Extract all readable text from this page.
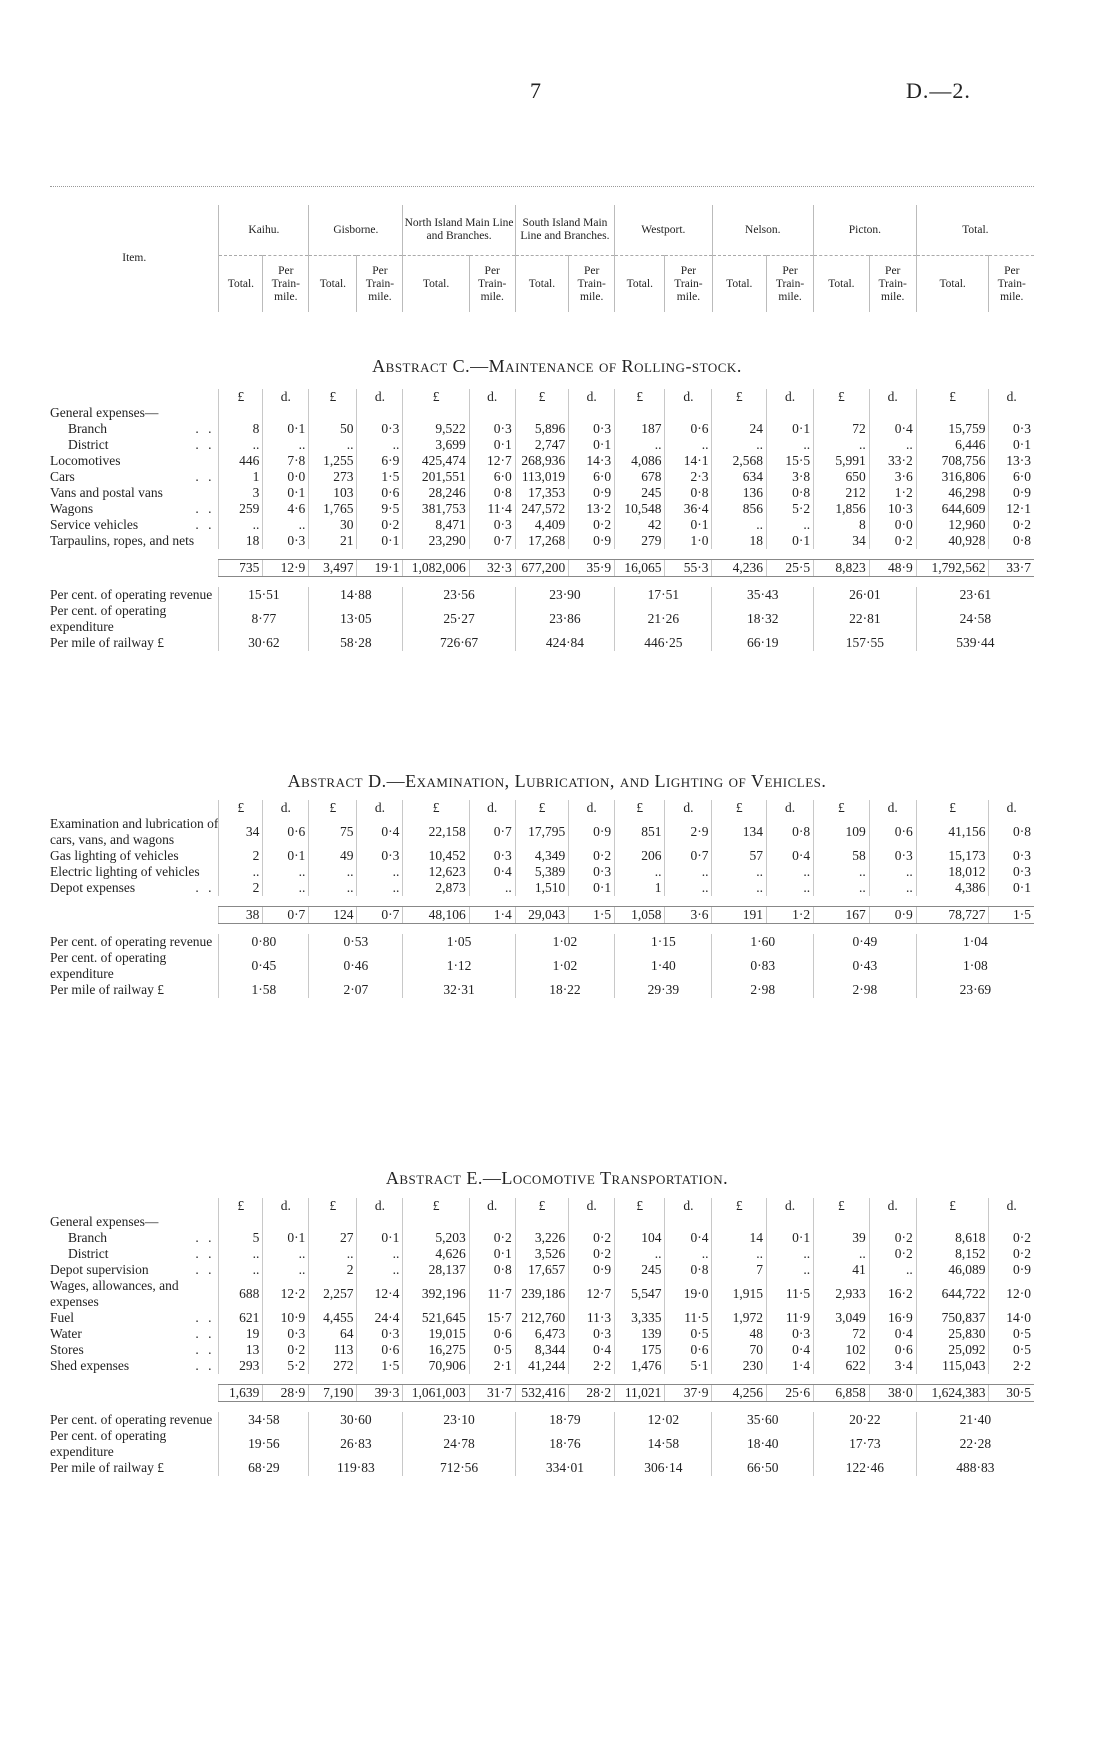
7	D.—2.
Item.	Kaihu.		Gisborne.		North Island Main Line and Branches.		South Island Main Line and Branches.		Westport.		Nelson.		Picton.		Total.	
	Total.	Per Train-mile.	Total.	Per Train-mile.	Total.	Per Train-mile.	Total.	Per Train-mile.	Total.	Per Train-mile.	Total.	Per Train-mile.	Total.	Per Train-mile.	Total.	Per Train-mile.
Abstract C.—Maintenance of Rolling-stock.
	£	d.	£	d.	£	d.	£	d.	£	d.	£	d.	£	d.	£	d.
General expenses—																
Branch . .	8	0·1	50	0·3	9,522	0·3	5,896	0·3	187	0·6	24	0·1	72	0·4	15,759	0·3
District . .	..	..	..	..	3,699	0·1	2,747	0·1	..	..	..	..	..	..	6,446	0·1
Locomotives	446	7·8	1,255	6·9	425,474	12·7	268,936	14·3	4,086	14·1	2,568	15·5	5,991	33·2	708,756	13·3
Cars . .	1	0·0	273	1·5	201,551	6·0	113,019	6·0	678	2·3	634	3·8	650	3·6	316,806	6·0
Vans and postal vans	3	0·1	103	0·6	28,246	0·8	17,353	0·9	245	0·8	136	0·8	212	1·2	46,298	0·9
Wagons . .	259	4·6	1,765	9·5	381,753	11·4	247,572	13·2	10,548	36·4	856	5·2	1,856	10·3	644,609	12·1
Service vehicles . .	..	..	30	0·2	8,471	0·3	4,409	0·2	42	0·1	..	..	8	0·0	12,960	0·2
Tarpaulins, ropes, and nets	18	0·3	21	0·1	23,290	0·7	17,268	0·9	279	1·0	18	0·1	34	0·2	40,928	0·8

	735	12·9	3,497	19·1	1,082,006	32·3	677,200	35·9	16,065	55·3	4,236	25·5	8,823	48·9	1,792,562	33·7

Per cent. of operating revenue	15·51		14·88		23·56		23·90		17·51		35·43		26·01		23·61	
Per cent. of operating expenditure	8·77		13·05		25·27		23·86		21·26		18·32		22·81		24·58	
Per mile of railway £	30·62		58·28		726·67		424·84		446·25		66·19		157·55		539·44	
Abstract D.—Examination, Lubrication, and Lighting of Vehicles.
	£	d.	£	d.	£	d.	£	d.	£	d.	£	d.	£	d.	£	d.
Examination and lubrication of cars, vans, and wagons	34	0·6	75	0·4	22,158	0·7	17,795	0·9	851	2·9	134	0·8	109	0·6	41,156	0·8
Gas lighting of vehicles	2	0·1	49	0·3	10,452	0·3	4,349	0·2	206	0·7	57	0·4	58	0·3	15,173	0·3
Electric lighting of vehicles	..	..	..	..	12,623	0·4	5,389	0·3	..	..	..	..	..	..	18,012	0·3
Depot expenses . .	2	..	..	..	2,873	..	1,510	0·1	1	..	..	..	..	..	4,386	0·1

	38	0·7	124	0·7	48,106	1·4	29,043	1·5	1,058	3·6	191	1·2	167	0·9	78,727	1·5

Per cent. of operating revenue	0·80		0·53		1·05		1·02		1·15		1·60		0·49		1·04	
Per cent. of operating expenditure	0·45		0·46		1·12		1·02		1·40		0·83		0·43		1·08	
Per mile of railway £	1·58		2·07		32·31		18·22		29·39		2·98		2·98		23·69	
Abstract E.—Locomotive Transportation.
	£	d.	£	d.	£	d.	£	d.	£	d.	£	d.	£	d.	£	d.
General expenses—																
Branch . .	5	0·1	27	0·1	5,203	0·2	3,226	0·2	104	0·4	14	0·1	39	0·2	8,618	0·2
District . .	..	..	..	..	4,626	0·1	3,526	0·2	..	..	..	..	..	0·2	8,152	0·2
Depot supervision . .	..	..	2	..	28,137	0·8	17,657	0·9	245	0·8	7	..	41	..	46,089	0·9
Wages, allowances, and expenses	688	12·2	2,257	12·4	392,196	11·7	239,186	12·7	5,547	19·0	1,915	11·5	2,933	16·2	644,722	12·0
Fuel . .	621	10·9	4,455	24·4	521,645	15·7	212,760	11·3	3,335	11·5	1,972	11·9	3,049	16·9	750,837	14·0
Water . .	19	0·3	64	0·3	19,015	0·6	6,473	0·3	139	0·5	48	0·3	72	0·4	25,830	0·5
Stores . .	13	0·2	113	0·6	16,275	0·5	8,344	0·4	175	0·6	70	0·4	102	0·6	25,092	0·5
Shed expenses . .	293	5·2	272	1·5	70,906	2·1	41,244	2·2	1,476	5·1	230	1·4	622	3·4	115,043	2·2

	1,639	28·9	7,190	39·3	1,061,003	31·7	532,416	28·2	11,021	37·9	4,256	25·6	6,858	38·0	1,624,383	30·5

Per cent. of operating revenue	34·58		30·60		23·10		18·79		12·02		35·60		20·22		21·40	
Per cent. of operating expenditure	19·56		26·83		24·78		18·76		14·58		18·40		17·73		22·28	
Per mile of railway £	68·29		119·83		712·56		334·01		306·14		66·50		122·46		488·83	
